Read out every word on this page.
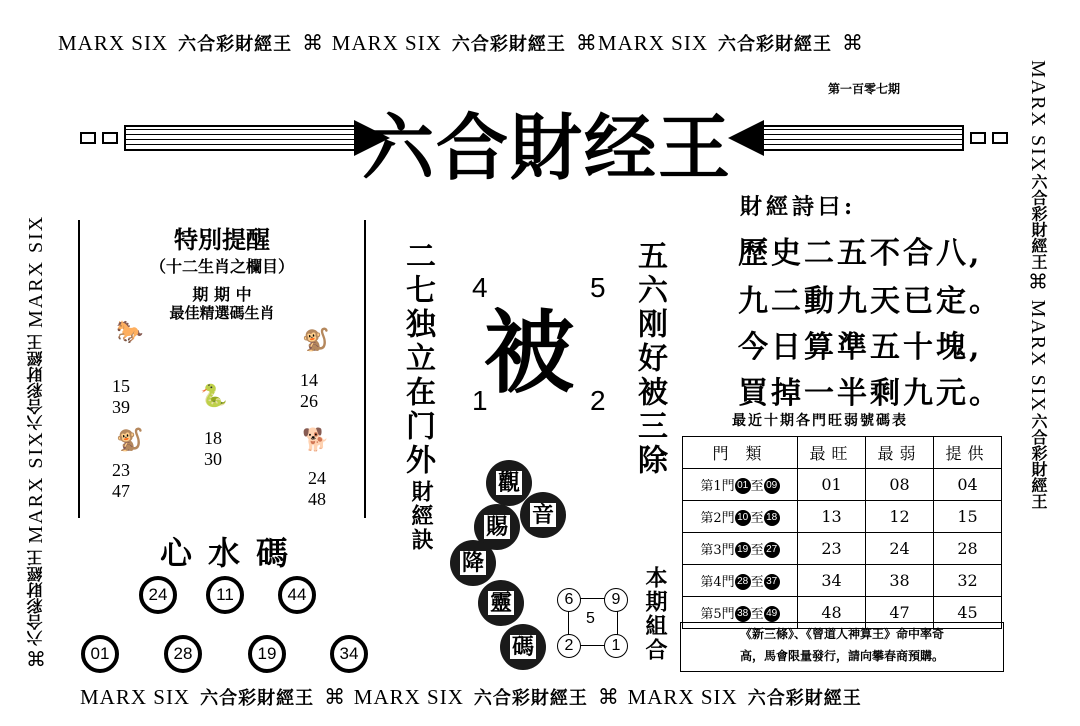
MARX SIX 六合彩財經王 ⌘ MARX SIX 六合彩財經王 ⌘MARX SIX 六合彩財經王 ⌘
MARX SIX 六合彩財經王 ⌘ MARX SIX 六合彩財經王 ⌘ MARX SIX 六合彩財經王
⌘六合彩財經王 MARX SIX六合彩財經王 MARX SIX
MARX SIX六合彩財經王⌘ MARX SIX六合彩財經王
第一百零七期
六合財经王
特別提醒
（十二生肖之欄目）
期 期 中
最佳精選碼生肖
🐎	🐒
🐍
🐒	🐕
15
39
14
26
18
30
23
47
24
48
心水碼
24	11	44
01	28	19	34
二七独立在门外	五六刚好被三除
4	5
1	2
被
財經訣	觀
音
賜
降
靈
碼
6	9
2	1
5 本期組合
財經詩曰:
歷史二五不合八,
九二動九天已定。
今日算準五十塊,
買掉一半剩九元。
最近十期各門旺弱號碼表
門 類	最旺	最弱	提供
第1門 01 至 09	01	08	04
第2門 10 至 18	13	12	15
第3門 19 至 27	23	24	28
第4門 28 至 37	34	38	32
第5門 38 至 49	48	47	45
《新三條》、《曾道人神算王》命中率奇
高，馬會限量發行，請向攀春商預購。
